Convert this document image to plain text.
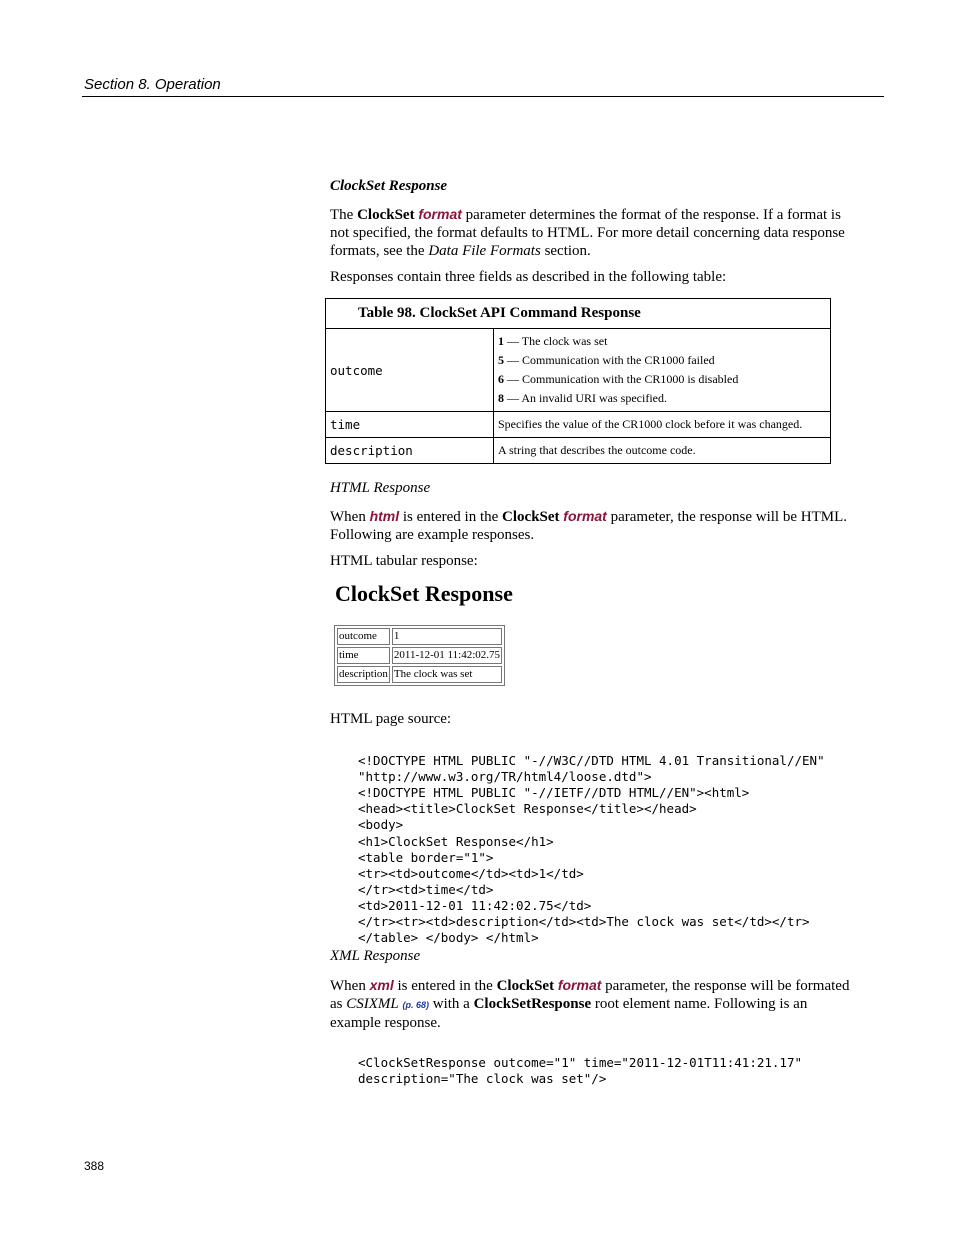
Section 8. Operation
ClockSet Response

The ClockSet format parameter determines the format of the response. If a format is not specified, the format defaults to HTML. For more detail concerning data response formats, see the Data File Formats section.

Responses contain three fields as described in the following table:

Table 98. ClockSet API Command Response	
outcome	1 — The clock was set
5 — Communication with the CR1000 failed
6 — Communication with the CR1000 is disabled
8 — An invalid URI was specified.

time	Specifies the value of the CR1000 clock before it was changed.
description	A string that describes the outcome code.
HTML Response

When html is entered in the ClockSet format parameter, the response will be HTML. Following are example responses.

HTML tabular response:

ClockSet Response
outcome	1
time	2011-12-01 11:42:02.75
description	The clock was set

HTML page source:

<!DOCTYPE HTML PUBLIC "-//W3C//DTD HTML 4.01 Transitional//EN"
"http://www.w3.org/TR/html4/loose.dtd">
<!DOCTYPE HTML PUBLIC "-//IETF//DTD HTML//EN"><html>
<head><title>ClockSet Response</title></head>
<body>
<h1>ClockSet Response</h1>
<table border="1">
<tr><td>outcome</td><td>1</td>
</tr><td>time</td>
<td>2011-12-01 11:42:02.75</td>
</tr><tr><td>description</td><td>The clock was set</td></tr>
</table> </body> </html>

XML Response

When xml is entered in the ClockSet format parameter, the response will be formated as CSIXML (p. 68) with a ClockSetResponse root element name. Following is an example response.

<ClockSetResponse outcome="1" time="2011-12-01T11:41:21.17"
description="The clock was set"/>

388
